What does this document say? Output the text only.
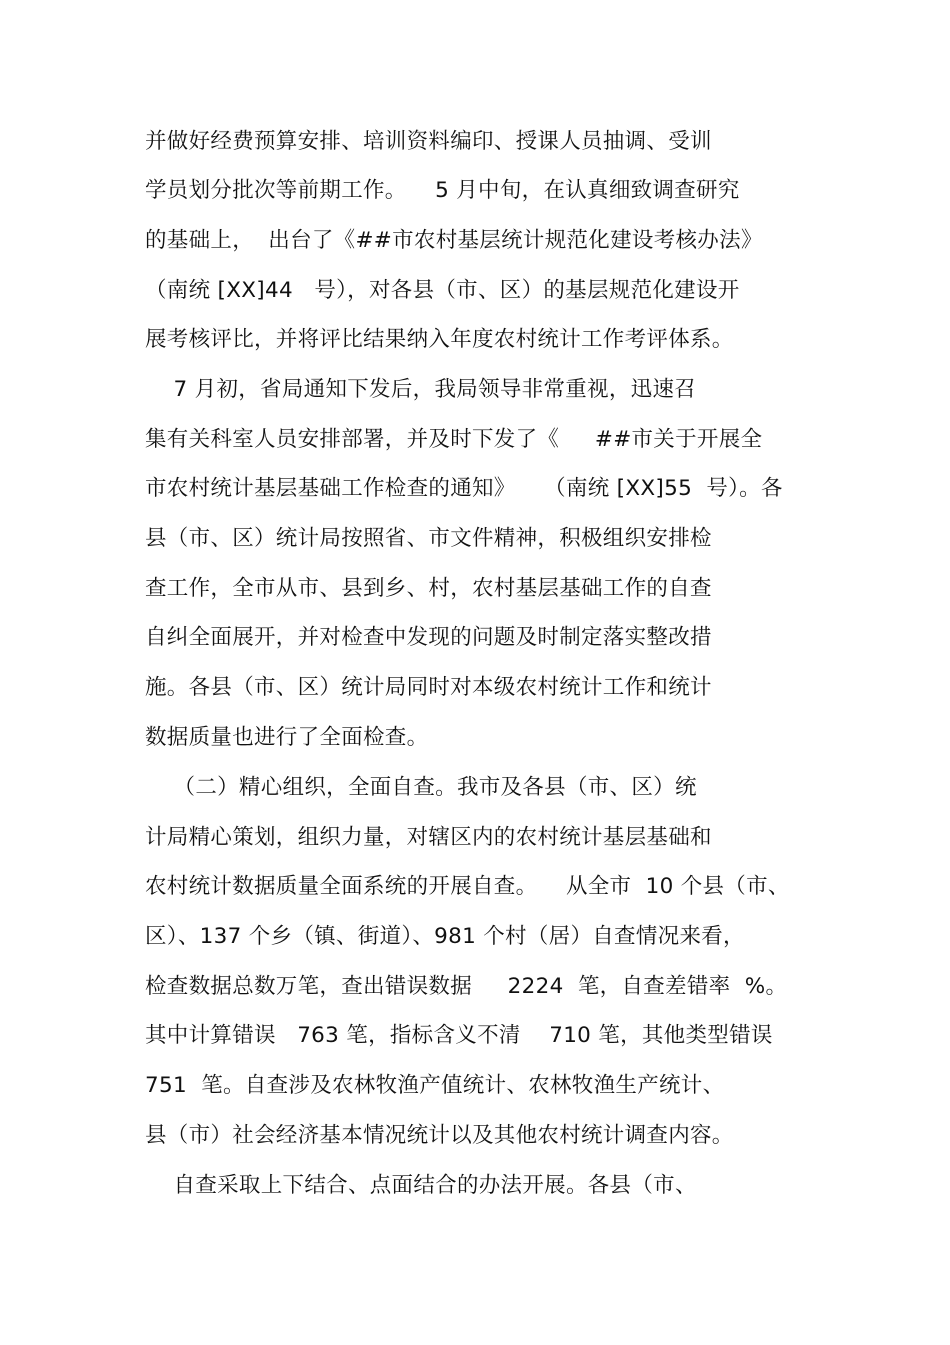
并做好经费预算安排、培训资料编印、授课人员抽调、受训
学员划分批次等前期工作。    5 月中旬，在认真细致调查研究
的基础上，  出台了《##市农村基层统计规范化建设考核办法》
（南统 [XX]44   号），对各县（市、区）的基层规范化建设开
展考核评比，并将评比结果纳入年度农村统计工作考评体系。
7 月初，省局通知下发后，我局领导非常重视，迅速召
集有关科室人员安排部署，并及时下发了《     ##市关于开展全
市农村统计基层基础工作检查的通知》    （南统 [XX]55  号）。各
县（市、区）统计局按照省、市文件精神，积极组织安排检
查工作，全市从市、县到乡、村，农村基层基础工作的自查
自纠全面展开，并对检查中发现的问题及时制定落实整改措
施。各县（市、区）统计局同时对本级农村统计工作和统计
数据质量也进行了全面检查。
（二）精心组织，全面自查。我市及各县（市、区）统
计局精心策划，组织力量，对辖区内的农村统计基层基础和
农村统计数据质量全面系统的开展自查。    从全市  10 个县（市、
区）、137 个乡（镇、街道）、981 个村（居）自查情况来看，
检查数据总数万笔，查出错误数据     2224  笔，自查差错率  %。
其中计算错误   763 笔，指标含义不清    710 笔，其他类型错误
751  笔。自查涉及农林牧渔产值统计、农林牧渔生产统计、
县（市）社会经济基本情况统计以及其他农村统计调查内容。
自查采取上下结合、点面结合的办法开展。各县（市、
